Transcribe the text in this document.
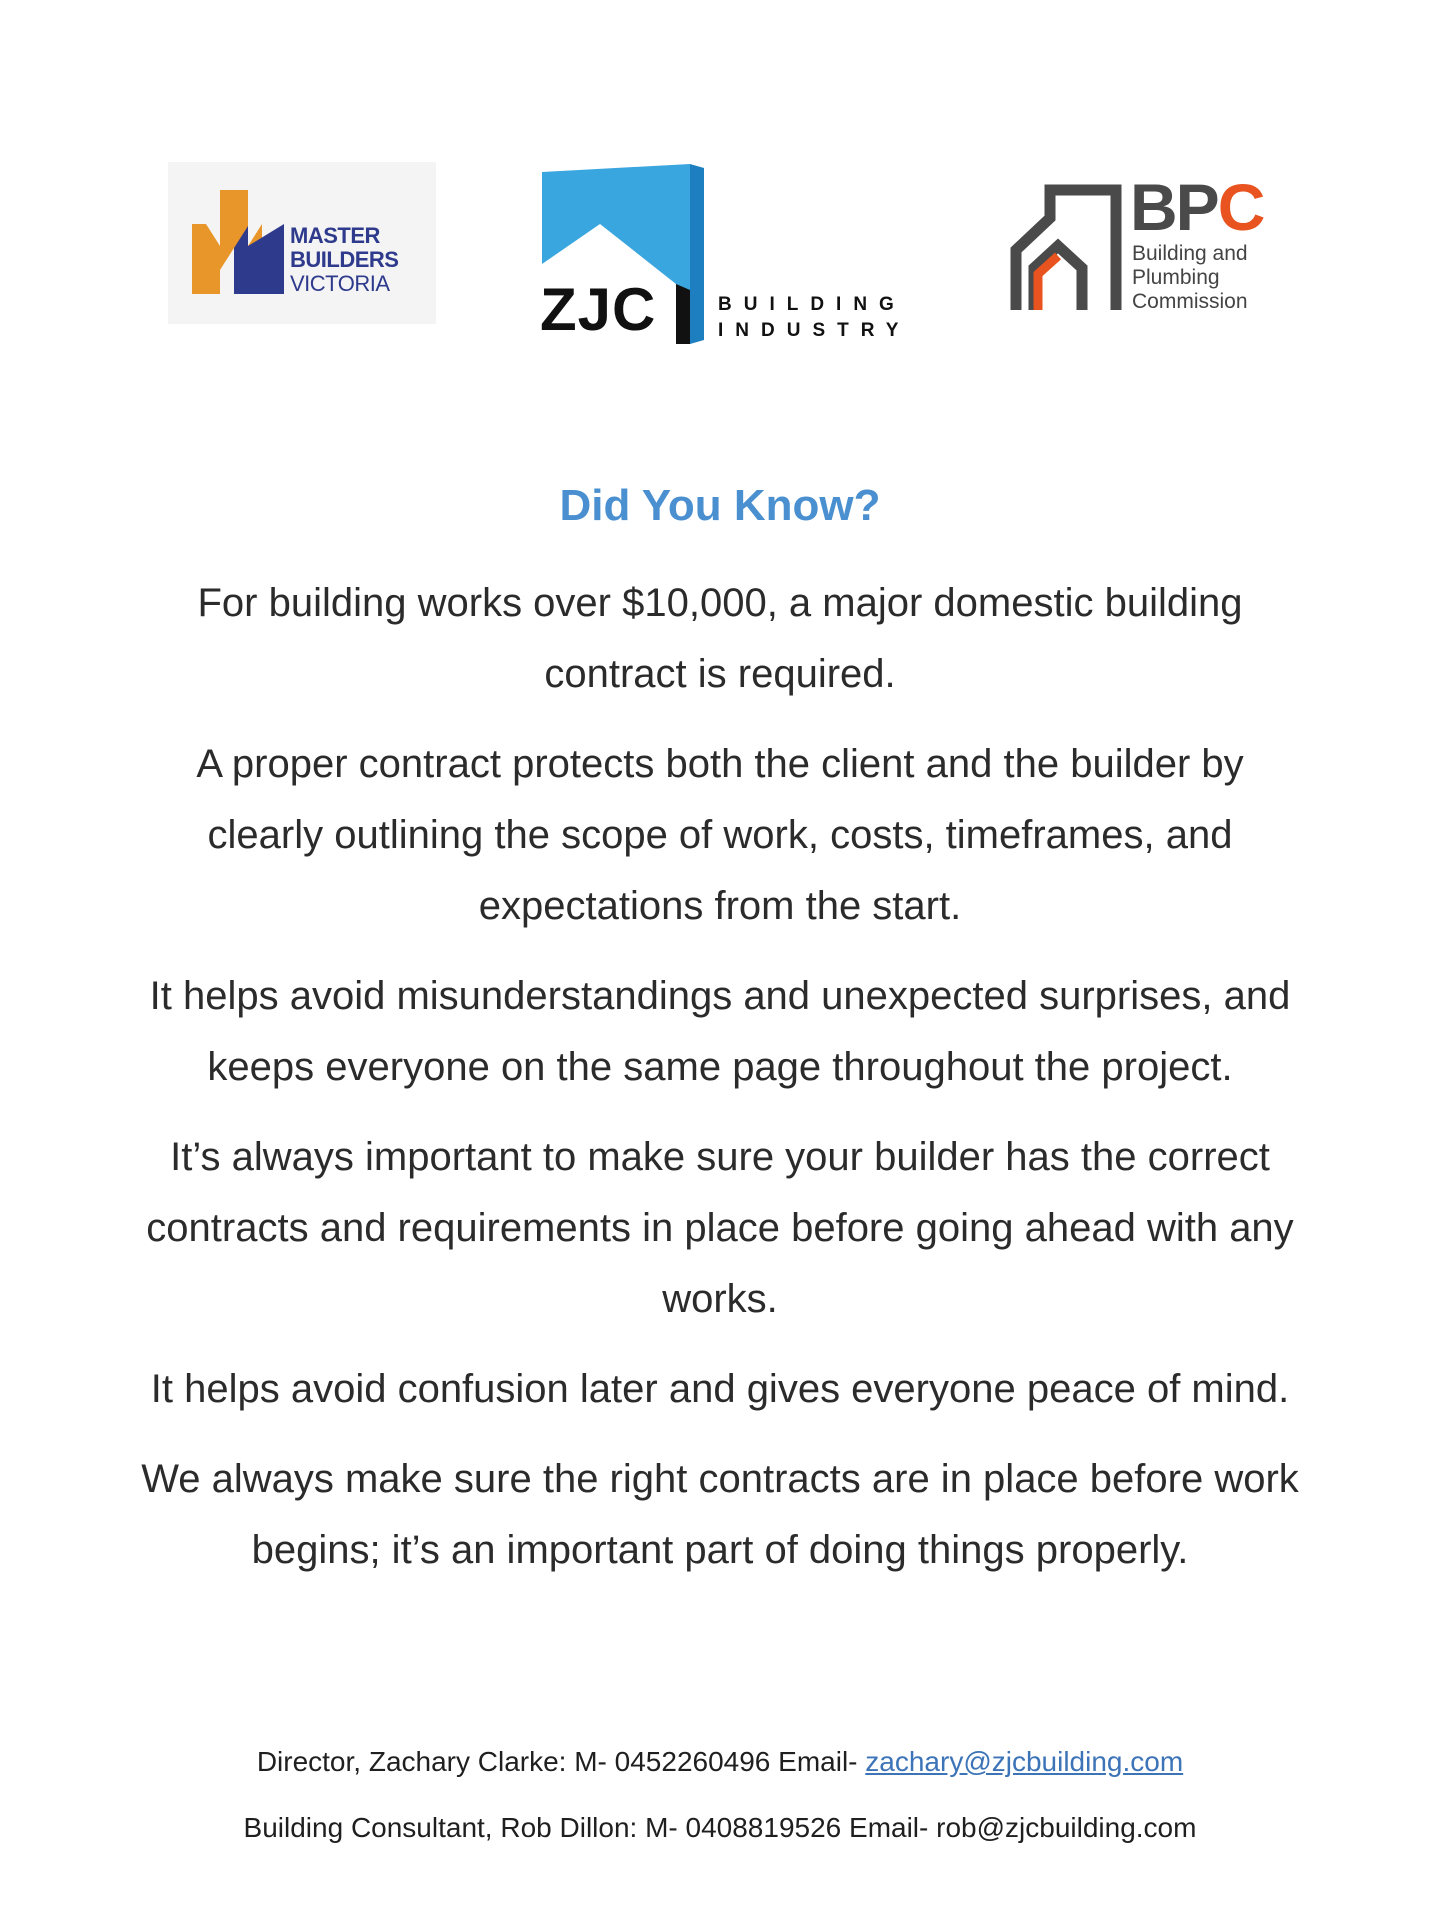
MASTER
BUILDERS
VICTORIA	ZJC	BUILDING
INDUSTRY
BPC
Building and
Plumbing
Commission
Did You Know?

For building works over $10,000, a major domestic building contract is required.

A proper contract protects both the client and the builder by clearly outlining the scope of work, costs, timeframes, and expectations from the start.

It helps avoid misunderstandings and unexpected surprises, and keeps everyone on the same page throughout the project.

It’s always important to make sure your builder has the correct contracts and requirements in place before going ahead with any works.

It helps avoid confusion later and gives everyone peace of mind.

We always make sure the right contracts are in place before work begins; it’s an important part of doing things properly.

Director, Zachary Clarke: M- 0452260496 Email- zachary@zjcbuilding.com
Building Consultant, Rob Dillon: M- 0408819526 Email- rob@zjcbuilding.com
